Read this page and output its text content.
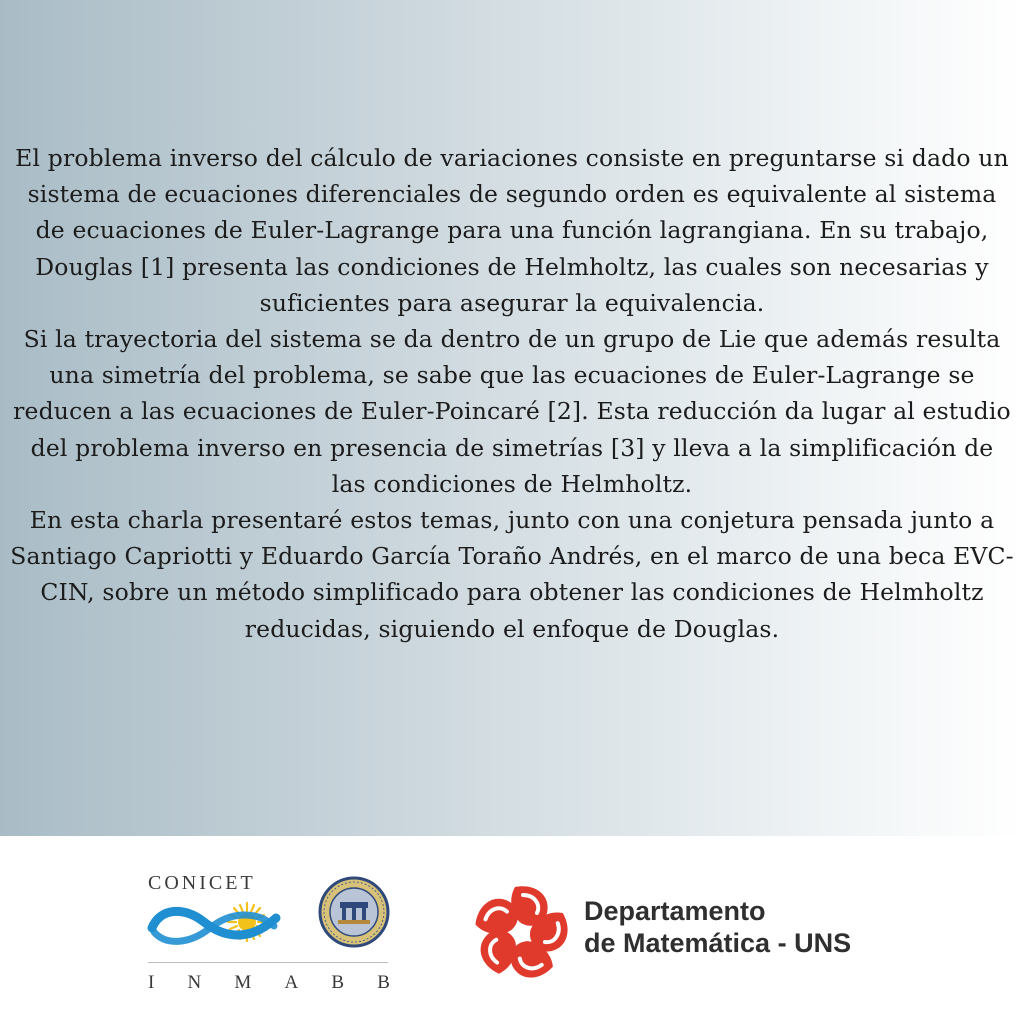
El problema inverso del cálculo de variaciones consiste en preguntarse si dado un sistema de ecuaciones diferenciales de segundo orden es equivalente al sistema de ecuaciones de Euler-Lagrange para una función lagrangiana. En su trabajo, Douglas [1] presenta las condiciones de Helmholtz, las cuales son necesarias y suficientes para asegurar la equivalencia.

Si la trayectoria del sistema se da dentro de un grupo de Lie que además resulta una simetría del problema, se sabe que las ecuaciones de Euler-Lagrange se reducen a las ecuaciones de Euler-Poincaré [2]. Esta reducción da lugar al estudio del problema inverso en presencia de simetrías [3] y lleva a la simplificación de las condiciones de Helmholtz.

En esta charla presentaré estos temas, junto con una conjetura pensada junto a Santiago Capriotti y Eduardo García Toraño Andrés, en el marco de una beca EVC-CIN, sobre un método simplificado para obtener las condiciones de Helmholtz reducidas, siguiendo el enfoque de Douglas.

CONICET
I N M A B B
Departamento
de Matemática - UNS
